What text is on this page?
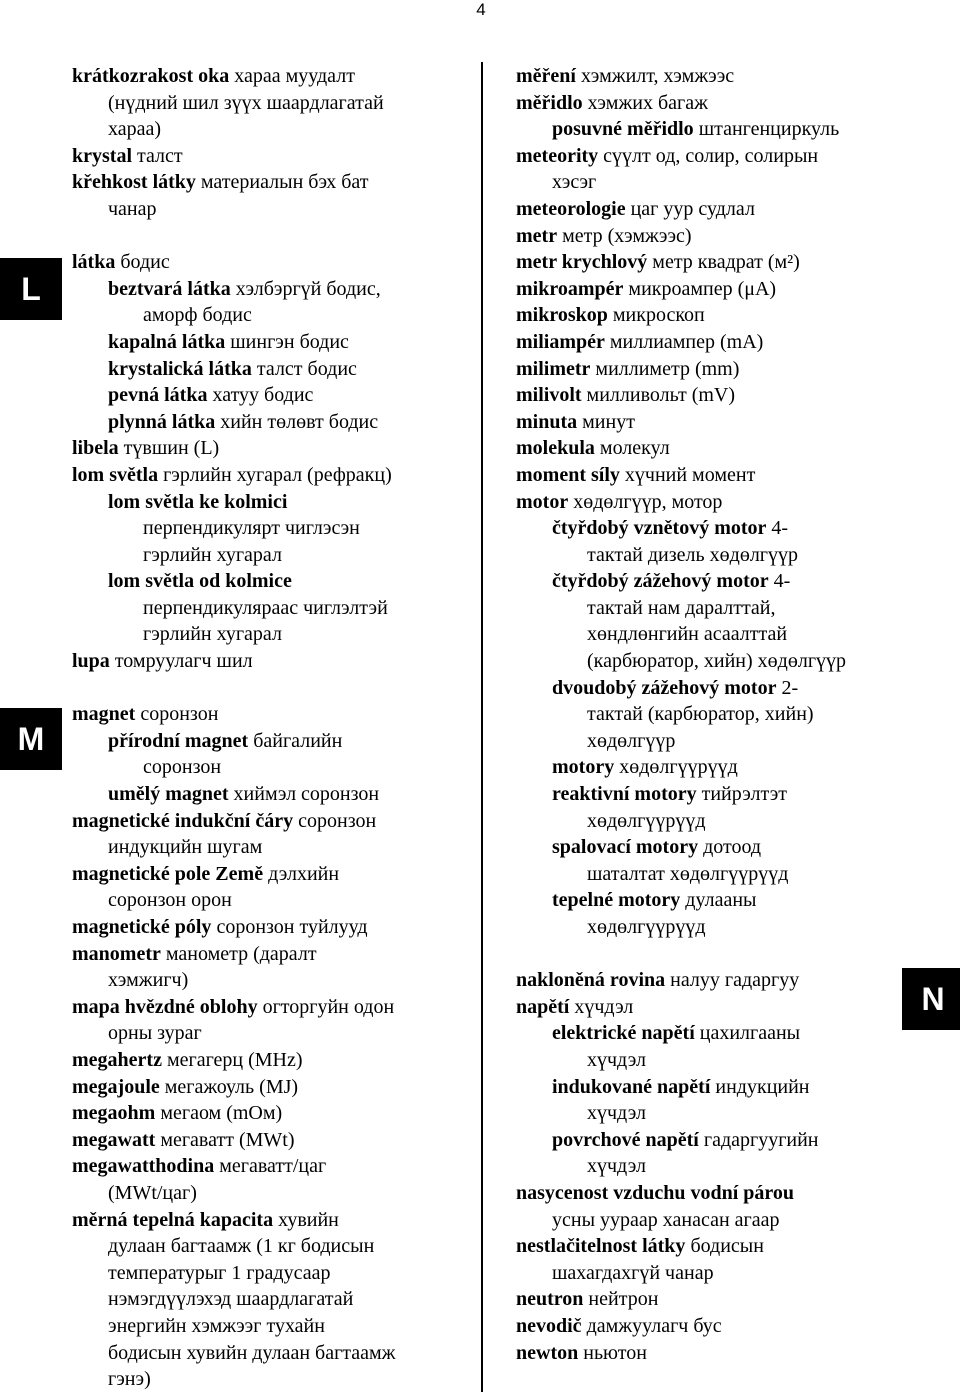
4
L
M
N
krátkozrakost oka хараа муудалт
(нүдний шил зүүх шаардлагатай
хараа)
krystal талст
křehkost látky материалын бэх бат
чанар
látka бодис
beztvará látka хэлбэргүй бодис,
аморф бодис
kapalná látka шингэн бодис
krystalická látka талст бодис
pevná látka хатуу бодис
plynná látka хийн төлөвт бодис
libela түвшин (L)
lom světla гэрлийн хугарал (рефракц)
lom světla ke kolmici
перпендикулярт чиглэсэн
гэрлийн хугарал
lom světla od kolmice
перпендикуляраас чиглэлтэй
гэрлийн хугарал
lupa томруулагч шил
magnet соронзон
přírodní magnet байгалийн
соронзон
umělý magnet хиймэл соронзон
magnetické indukční čáry соронзон
индукцийн шугам
magnetické pole Země дэлхийн
соронзон орон
magnetické póly соронзон туйлууд
manometr манометр (даралт
хэмжигч)
mapa hvězdné oblohy огторгуйн одон
орны зураг
megahertz мегагерц (MHz)
megajoule мегажоуль (MJ)
megaohm мегаом (mОм)
megawatt мегаватт (MWt)
megawatthodina мегаватт/цаг
(MWt/цаг)
měrná tepelná kapacita хувийн
дулаан багтаамж (1 кг бодисын
температурыг 1 градусаар
нэмэгдүүлэхэд шаардлагатай
энергийн хэмжээг тухайн
бодисын хувийн дулаан багтаамж
гэнэ)
měření хэмжилт, хэмжээс
měřidlo хэмжих багаж
posuvné měřidlo штангенциркуль
meteority сүүлт од, солир, солирын
хэсэг
meteorologie цаг уур судлал
metr метр (хэмжээс)
metr krychlový метр квадрат (м²)
mikroampér микроампер (μA)
mikroskop микроскоп
miliampér миллиампер (mA)
milimetr миллиметр (mm)
milivolt милливольт (mV)
minuta минут
molekula молекул
moment síly хүчний момент
motor хөдөлгүүр, мотор
čtyřdobý vznětový motor 4-
тактай дизель хөдөлгүүр
čtyřdobý zážehový motor 4-
тактай нам даралттай,
хөндлөнгийн асаалттай
(карбюратор, хийн) хөдөлгүүр
dvoudobý zážehový motor 2-
тактай (карбюратор, хийн)
хөдөлгүүр
motory хөдөлгүүрүүд
reaktivní motory тийрэлтэт
хөдөлгүүрүүд
spalovací motory дотоод
шаталтат хөдөлгүүрүүд
tepelné motory дулааны
хөдөлгүүрүүд
nakloněná rovina налуу гадаргуу
napětí хүчдэл
elektrické napětí цахилгааны
хүчдэл
indukované napětí индукцийн
хүчдэл
povrchové napětí гадаргуугийн
хүчдэл
nasycenost vzduchu vodní párou
усны уураар ханасан агаар
nestlačitelnost látky бодисын
шахагдахгүй чанар
neutron нейтрон
nevodič дамжуулагч бус
newton ньютон
